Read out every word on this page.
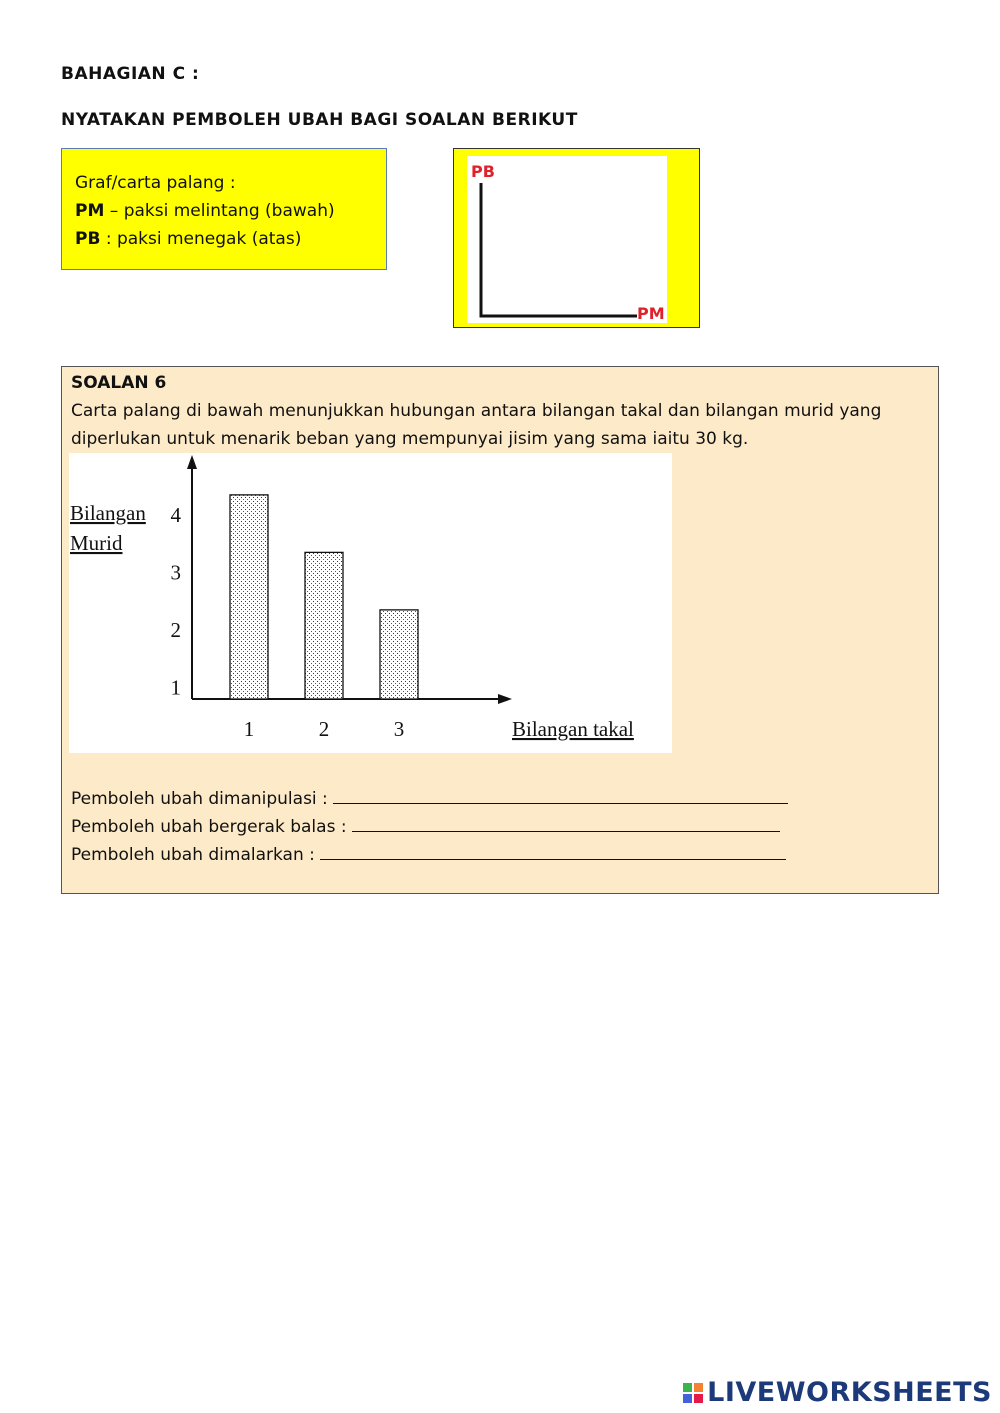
BAHAGIAN C :
NYATAKAN PEMBOLEH UBAH BAGI SOALAN BERIKUT
Graf/carta palang :
PM – paksi melintang (bawah)
PB : paksi menegak (atas)
PB
PM
SOALAN 6
Carta palang di bawah menunjukkan hubungan antara bilangan takal dan bilangan murid yang
diperlukan untuk menarik beban yang mempunyai jisim yang sama iaitu 30 kg.
1
2
3
4
1	2	3
Bilangan
Murid
Bilangan takal
Pemboleh ubah dimanipulasi :
Pemboleh ubah bergerak balas :
Pemboleh ubah dimalarkan :
LIVEWORKSHEETS
